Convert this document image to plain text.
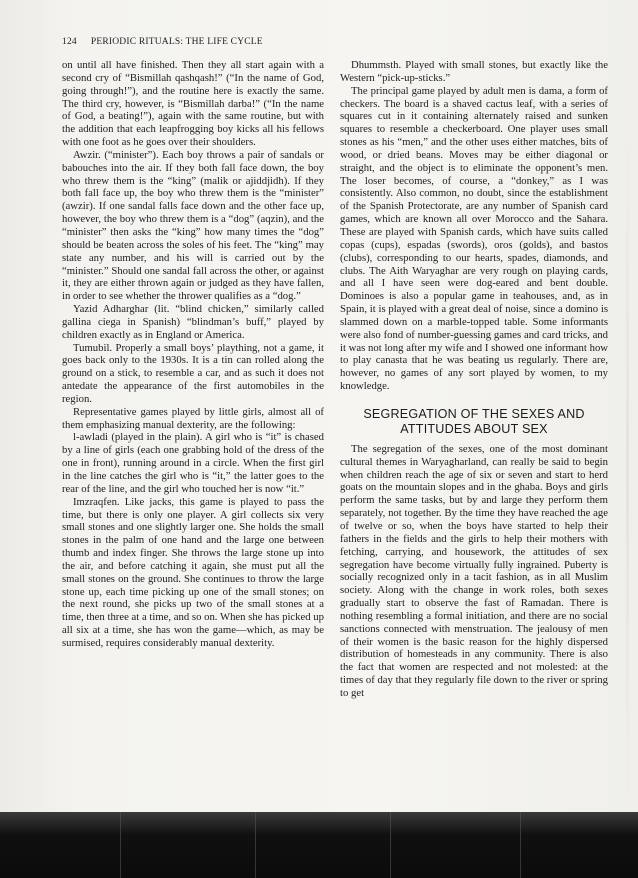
124 PERIODIC RITUALS: THE LIFE CYCLE

on until all have finished. Then they all start again with a second cry of “Bismillah qashqash!” (“In the name of God, going through!”), and the routine here is exactly the same. The third cry, however, is “Bismillah darba!” (“In the name of God, a beating!”), again with the same routine, but with the addition that each leapfrogging boy kicks all his fellows with one foot as he goes over their shoulders.

Awzir. (“minister”). Each boy throws a pair of sandals or babouches into the air. If they both fall face down, the boy who threw them is the “king” (malik or ajiddjidh). If they both fall face up, the boy who threw them is the “minister” (awzir). If one sandal falls face down and the other face up, however, the boy who threw them is a “dog” (aqzin), and the “minister” then asks the “king” how many times the “dog” should be beaten across the soles of his feet. The “king” may state any number, and his will is carried out by the “minister.” Should one sandal fall across the other, or against it, they are either thrown again or judged as they have fallen, in order to see whether the thrower qualifies as a “dog.”

Yazid Adharghar (lit. “blind chicken,” similarly called gallina ciega in Spanish) “blindman’s buff,” played by children exactly as in England or America.

Tumubil. Properly a small boys’ plaything, not a game, it goes back only to the 1930s. It is a tin can rolled along the ground on a stick, to resemble a car, and as such it does not antedate the appearance of the first automobiles in the region.

Representative games played by little girls, almost all of them emphasizing manual dexterity, are the following:

l-awladi (played in the plain). A girl who is “it” is chased by a line of girls (each one grabbing hold of the dress of the one in front), running around in a circle. When the first girl in the line catches the girl who is “it,” the latter goes to the rear of the line, and the girl who touched her is now “it.”

Imzraqfen. Like jacks, this game is played to pass the time, but there is only one player. A girl collects six very small stones and one slightly larger one. She holds the small stones in the palm of one hand and the large one between thumb and index finger. She throws the large stone up into the air, and before catching it again, she must put all the small stones on the ground. She continues to throw the large stone up, each time picking up one of the small stones; on the next round, she picks up two of the small stones at a time, then three at a time, and so on. When she has picked up all six at a time, she has won the game—which, as may be surmised, requires considerably manual dexterity.

Dhummsth. Played with small stones, but exactly like the Western “pick-up-sticks.”

The principal game played by adult men is dama, a form of checkers. The board is a shaved cactus leaf, with a series of squares cut in it containing alternately raised and sunken squares to resemble a checkerboard. One player uses small stones as his “men,” and the other uses either matches, bits of wood, or dried beans. Moves may be either diagonal or straight, and the object is to eliminate the opponent’s men. The loser becomes, of course, a “donkey,” as I was consistently. Also common, no doubt, since the establishment of the Spanish Protectorate, are any number of Spanish card games, which are known all over Morocco and the Sahara. These are played with Spanish cards, which have suits called copas (cups), espadas (swords), oros (golds), and bastos (clubs), corresponding to our hearts, spades, diamonds, and clubs. The Aith Waryaghar are very rough on playing cards, and all I have seen were dog-eared and bent double. Dominoes is also a popular game in teahouses, and, as in Spain, it is played with a great deal of noise, since a domino is slammed down on a marble-topped table. Some informants were also fond of number-guessing games and card tricks, and it was not long after my wife and I showed one informant how to play canasta that he was beating us regularly. There are, however, no games of any sort played by women, to my knowledge.

SEGREGATION OF THE SEXES AND
ATTITUDES ABOUT SEX

The segregation of the sexes, one of the most dominant cultural themes in Waryagharland, can really be said to begin when children reach the age of six or seven and start to herd goats on the mountain slopes and in the ghaba. Boys and girls perform the same tasks, but by and large they perform them separately, not together. By the time they have reached the age of twelve or so, when the boys have started to help their fathers in the fields and the girls to help their mothers with fetching, carrying, and housework, the attitudes of sex segregation have become virtually fully ingrained. Puberty is socially recognized only in a tacit fashion, as in all Muslim society. Along with the change in work roles, both sexes gradually start to observe the fast of Ramadan. There is nothing resembling a formal initiation, and there are no social sanctions connected with menstruation. The jealousy of men of their women is the basic reason for the highly dispersed distribution of homesteads in any community. There is also the fact that women are respected and not molested: at the times of day that they regularly file down to the river or spring to get
